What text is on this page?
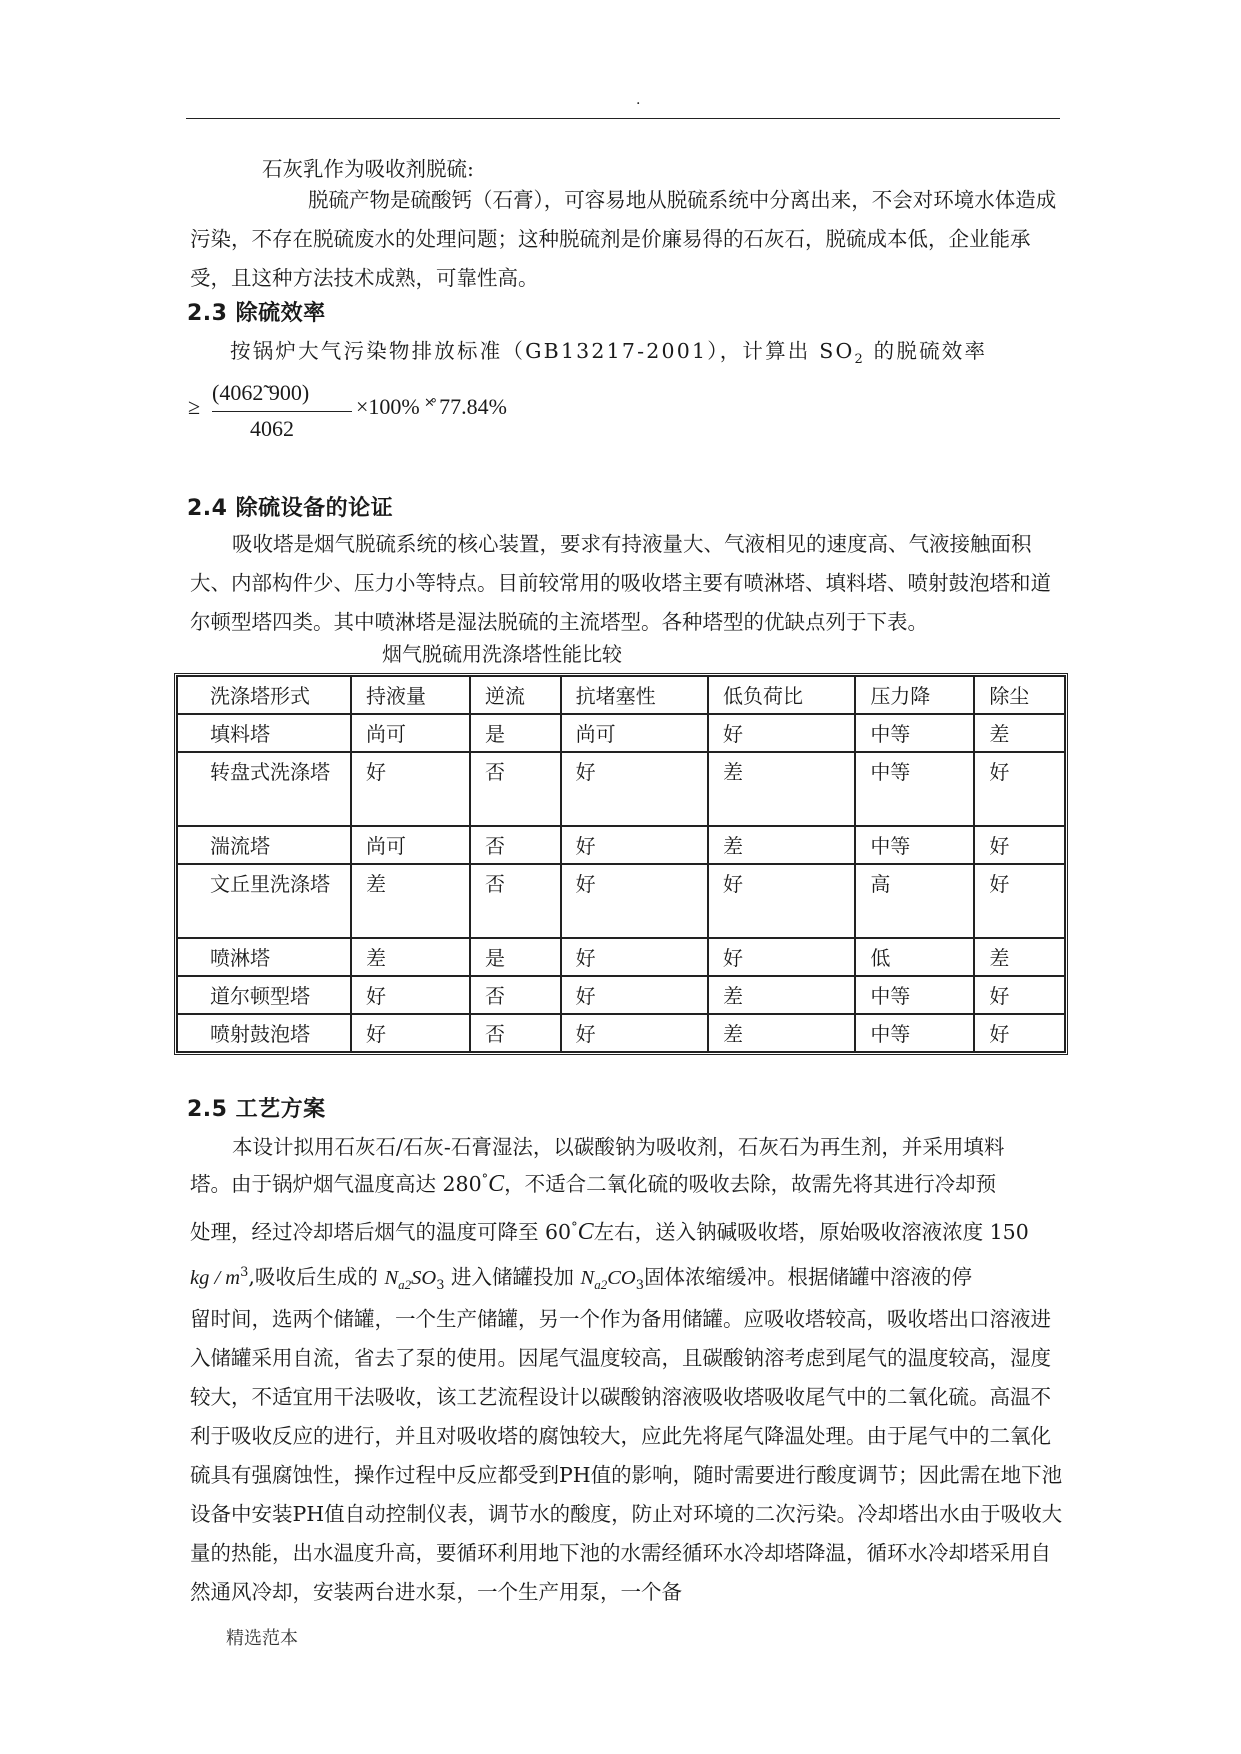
.
石灰乳作为吸收剂脱硫:
脱硫产物是硫酸钙（石膏），可容易地从脱硫系统中分离出来，不会对环境水体造成污染，不存在脱硫废水的处理问题；这种脱硫剂是价廉易得的石灰石，脱硫成本低，企业能承受，且这种方法技术成熟，可靠性高。
2.3 除硫效率
按锅炉大气污染物排放标准（GB13217-2001），计算出 $SO_2$ 的脱硫效率
≥
(4062̃ 900)
4062
×100% ˟̊ 77.84%
2.4 除硫设备的论证
吸收塔是烟气脱硫系统的核心装置，要求有持液量大、气液相见的速度高、气液接触面积大、内部构件少、压力小等特点。目前较常用的吸收塔主要有喷淋塔、填料塔、喷射鼓泡塔和道尔顿型塔四类。其中喷淋塔是湿法脱硫的主流塔型。各种塔型的优缺点列于下表。
烟气脱硫用洗涤塔性能比较
洗涤塔形式	持液量	逆流	抗堵塞性	低负荷比	压力降	除尘
填料塔	尚可	是	尚可	好	中等	差
转盘式洗涤塔	好	否	好	差	中等	好
湍流塔	尚可	否	好	差	中等	好
文丘里洗涤塔	差	否	好	好	高	好
喷淋塔	差	是	好	好	低	差
道尔顿型塔	好	否	好	差	中等	好
喷射鼓泡塔	好	否	好	差	中等	好
2.5 工艺方案
本设计拟用石灰石/石灰-石膏湿法，以碳酸钠为吸收剂，石灰石为再生剂，并采用填料
塔。由于锅炉烟气温度高达 280°C，不适合二氧化硫的吸收去除，故需先将其进行冷却预
处理，经过冷却塔后烟气的温度可降至 60°C左右，送入钠碱吸收塔，原始吸收溶液浓度 150
kg / $m^3$,吸收后生成的 $N_{a2}SO_3$ 进入储罐投加 $N_{a2}CO_3$固体浓缩缓冲。根据储罐中溶液的停
留时间，选两个储罐，一个生产储罐，另一个作为备用储罐。应吸收塔较高，吸收塔出口溶液进入储罐采用自流，省去了泵的使用。因尾气温度较高，且碳酸钠溶考虑到尾气的温度较高，湿度较大，不适宜用干法吸收，该工艺流程设计以碳酸钠溶液吸收塔吸收尾气中的二氧化硫。高温不利于吸收反应的进行，并且对吸收塔的腐蚀较大，应此先将尾气降温处理。由于尾气中的二氧化硫具有强腐蚀性，操作过程中反应都受到PH值的影响，随时需要进行酸度调节；因此需在地下池设备中安装PH值自动控制仪表，调节水的酸度，防止对环境的二次污染。冷却塔出水由于吸收大量的热能，出水温度升高，要循环利用地下池的水需经循环水冷却塔降温，循环水冷却塔采用自然通风冷却，安装两台进水泵，一个生产用泵，一个备
精选范本
